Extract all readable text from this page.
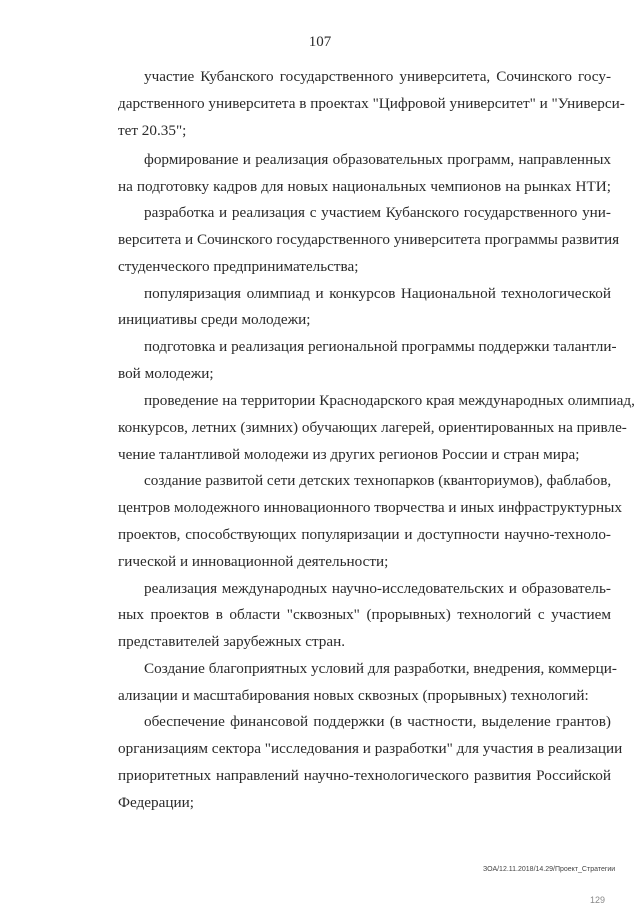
107
участие Кубанского государственного университета, Сочинского госу-
дарственного университета в проектах "Цифровой университет" и "Универси-
тет 20.35";
формирование и реализация образовательных программ, направленных
на подготовку кадров для новых национальных чемпионов на рынках НТИ;
разработка и реализация с участием Кубанского государственного уни-
верситета и Сочинского государственного университета программы развития
студенческого предпринимательства;
популяризация олимпиад и конкурсов Национальной технологической
инициативы среди молодежи;
подготовка и реализация региональной программы поддержки талантли-
вой молодежи;
проведение на территории Краснодарского края международных олимпиад,
конкурсов, летних (зимних) обучающих лагерей, ориентированных на привле-
чение талантливой молодежи из других регионов России и стран мира;
создание развитой сети детских технопарков (кванториумов), фаблабов,
центров молодежного инновационного творчества и иных инфраструктурных
проектов, способствующих популяризации и доступности научно-техноло-
гической и инновационной деятельности;
реализация международных научно-исследовательских и образователь-
ных проектов в области "сквозных" (прорывных) технологий с участием
представителей зарубежных стран.
Создание благоприятных условий для разработки, внедрения, коммерци-
ализации и масштабирования новых сквозных (прорывных) технологий:
обеспечение финансовой поддержки (в частности, выделение грантов)
организациям сектора "исследования и разработки" для участия в реализации
приоритетных направлений научно-технологического развития Российской
Федерации;
ЗОА/12.11.2018/14.29/Проект_Стратегии
129
